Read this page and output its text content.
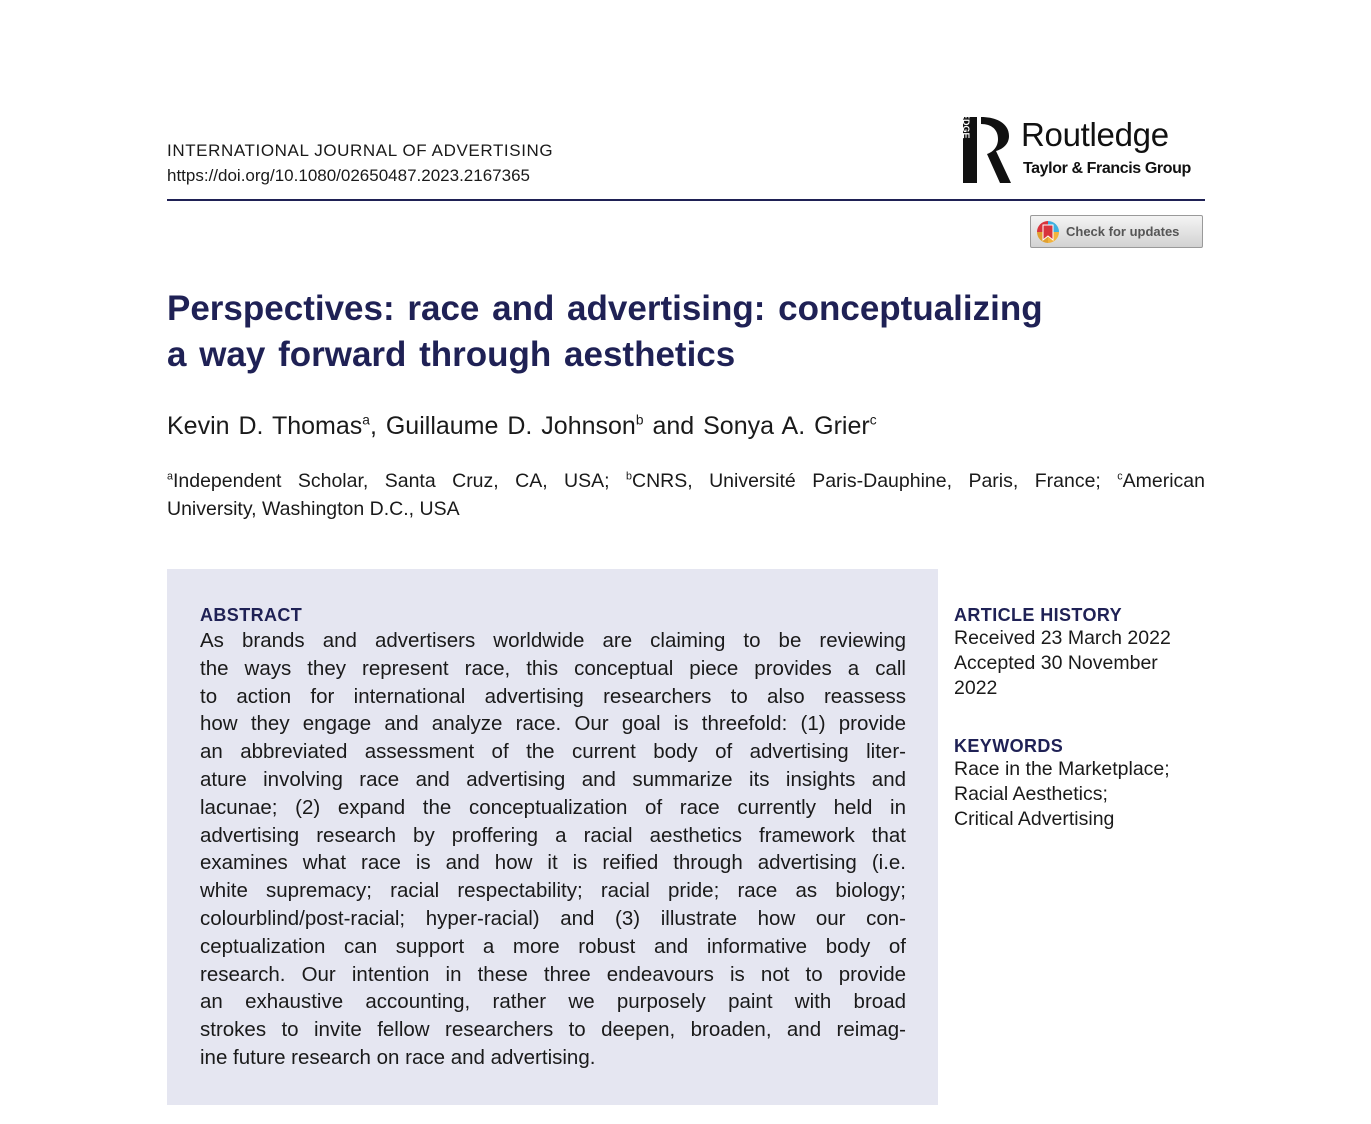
INTERNATIONAL JOURNAL OF ADVERTISING
https://doi.org/10.1080/02650487.2023.2167365
ROUTLEDGE Routledge
Taylor & Francis Group
Check for updates
Perspectives: race and advertising: conceptualizing
a way forward through aesthetics
Kevin D. Thomas$^a$, Guillaume D. Johnson$^b$ and Sonya A. Grier$^c$
$^a$Independent Scholar, Santa Cruz, CA, USA; $^b$CNRS, Université Paris-Dauphine, Paris, France; $^c$American
University, Washington D.C., USA
ABSTRACT
As brands and advertisers worldwide are claiming to be reviewing
the ways they represent race, this conceptual piece provides a call
to action for international advertising researchers to also reassess
how they engage and analyze race. Our goal is threefold: (1) provide
an abbreviated assessment of the current body of advertising liter-
ature involving race and advertising and summarize its insights and
lacunae; (2) expand the conceptualization of race currently held in
advertising research by proffering a racial aesthetics framework that
examines what race is and how it is reified through advertising (i.e.
white supremacy; racial respectability; racial pride; race as biology;
colourblind/post-racial; hyper-racial) and (3) illustrate how our con-
ceptualization can support a more robust and informative body of
research. Our intention in these three endeavours is not to provide
an exhaustive accounting, rather we purposely paint with broad
strokes to invite fellow researchers to deepen, broaden, and reimag-
ine future research on race and advertising.
ARTICLE HISTORY
Received 23 March 2022
Accepted 30 November
2022
KEYWORDS
Race in the Marketplace;
Racial Aesthetics;
Critical Advertising
